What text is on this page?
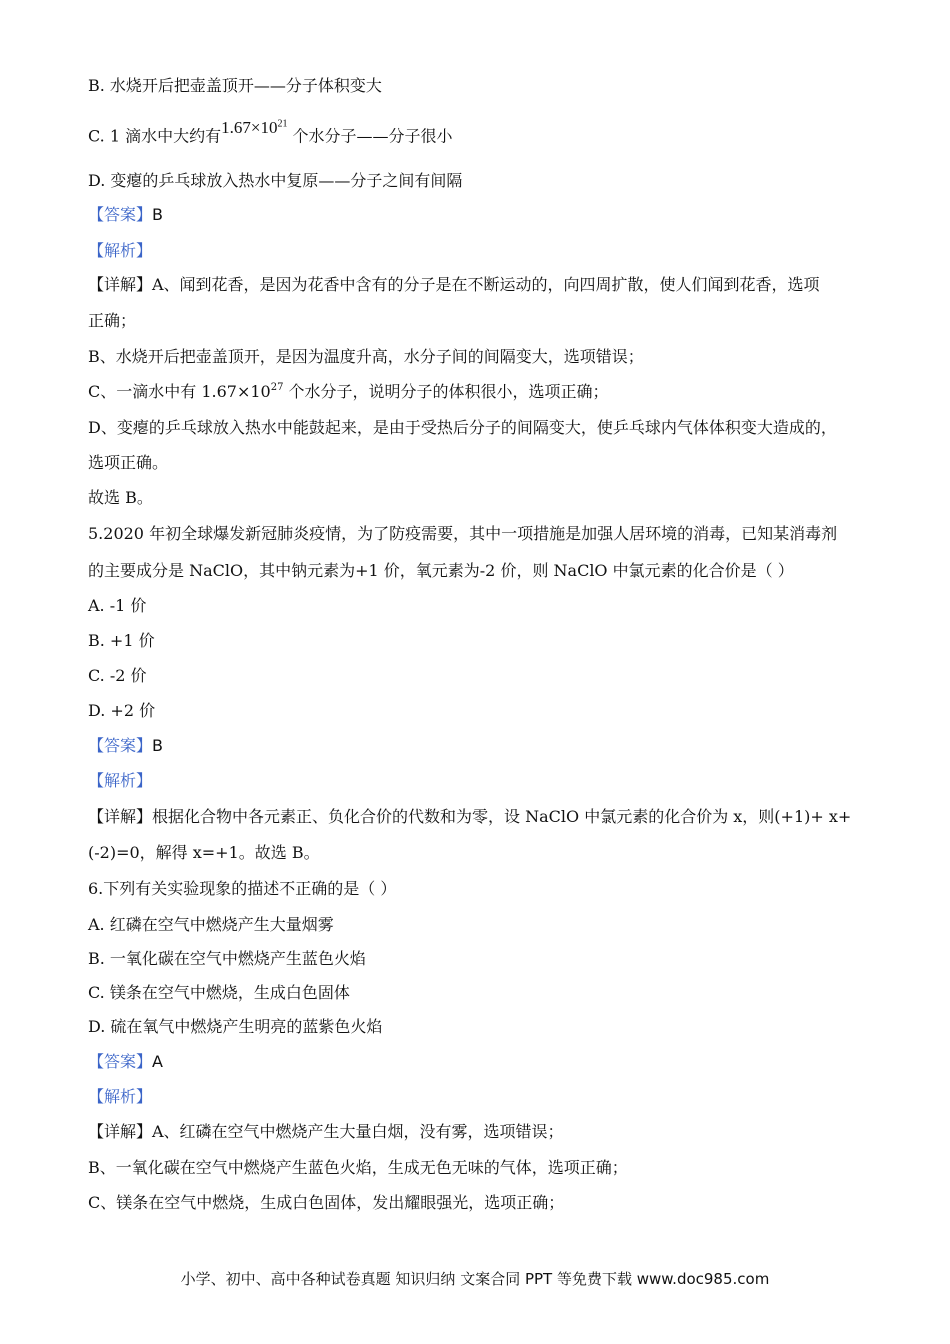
B. 水烧开后把壶盖顶开——分子体积变大
C. 1 滴水中大约有$1.67\times 10^{21}$ 个水分子——分子很小
D. 变瘪的乒乓球放入热水中复原——分子之间有间隔
【答案】B
【解析】
【详解】A、闻到花香，是因为花香中含有的分子是在不断运动的，向四周扩散，使人们闻到花香，选项
正确；
B、水烧开后把壶盖顶开，是因为温度升高，水分子间的间隔变大，选项错误；
C、一滴水中有 $1.67\times 10^{27}$ 个水分子，说明分子的体积很小，选项正确；
D、变瘪的乒乓球放入热水中能鼓起来，是由于受热后分子的间隔变大，使乒乓球内气体体积变大造成的，
选项正确。
故选 B。
5.2020 年初全球爆发新冠肺炎疫情，为了防疫需要，其中一项措施是加强人居环境的消毒，已知某消毒剂
的主要成分是 NaClO，其中钠元素为+1 价，氧元素为-2 价，则 NaClO 中氯元素的化合价是（ ）
A. -1 价
B. +1 价
C. -2 价
D. +2 价
【答案】B
【解析】
【详解】根据化合物中各元素正、负化合价的代数和为零，设 NaClO 中氯元素的化合价为 x，则(+1)+ x+
(-2)=0，解得 x=+1。故选 B。
6.下列有关实验现象的描述不正确的是（ ）
A. 红磷在空气中燃烧产生大量烟雾
B. 一氧化碳在空气中燃烧产生蓝色火焰
C. 镁条在空气中燃烧，生成白色固体
D. 硫在氧气中燃烧产生明亮的蓝紫色火焰
【答案】A
【解析】
【详解】A、红磷在空气中燃烧产生大量白烟，没有雾，选项错误；
B、一氧化碳在空气中燃烧产生蓝色火焰，生成无色无味的气体，选项正确；
C、镁条在空气中燃烧，生成白色固体，发出耀眼强光，选项正确；
小学、初中、高中各种试卷真题 知识归纳 文案合同 PPT 等免费下载 www.doc985.com
